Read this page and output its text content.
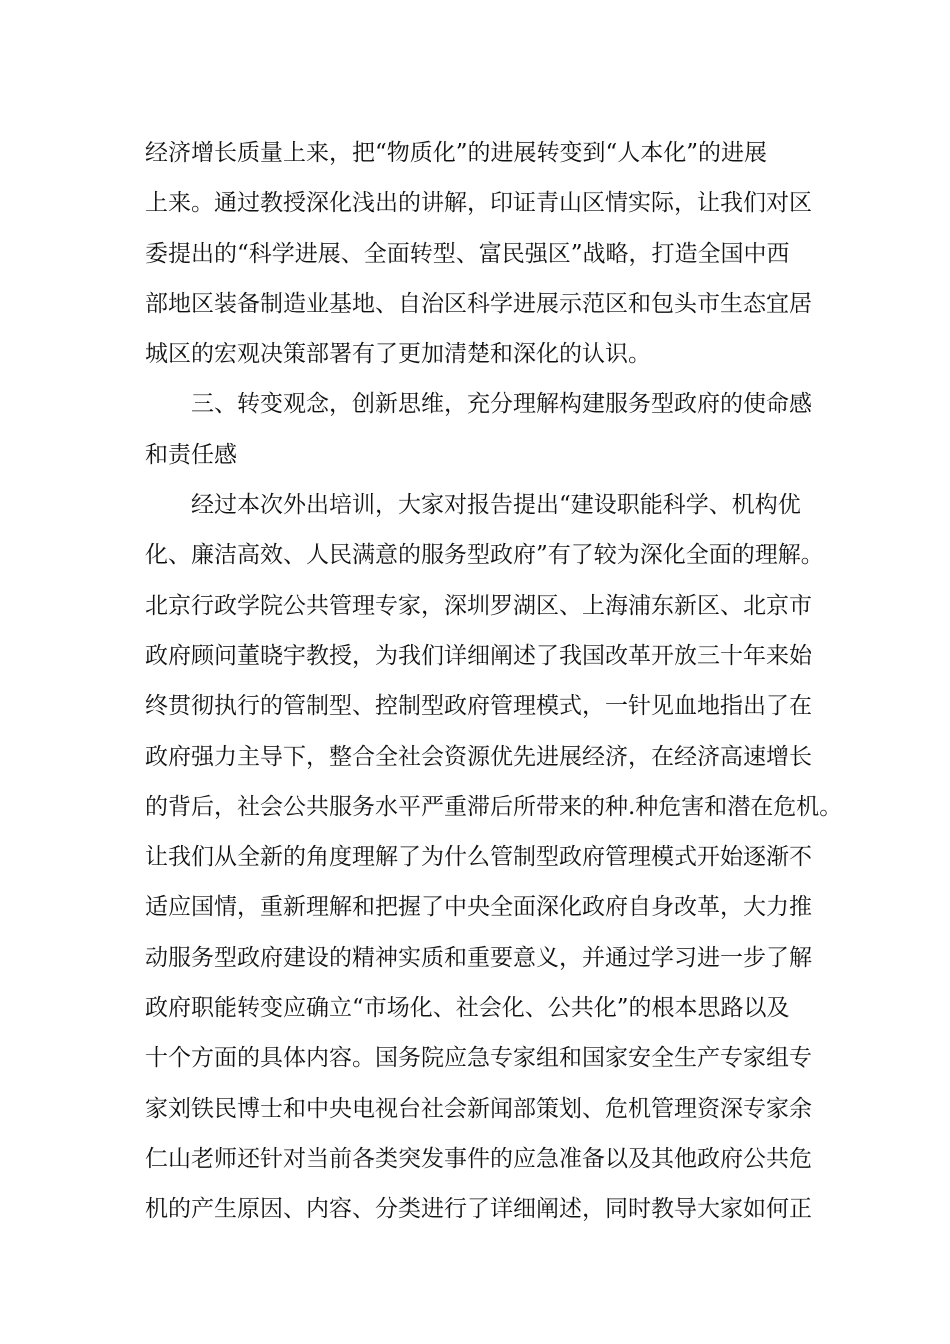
经济增长质量上来，把“物质化”的进展转变到“人本化”的进展
上来。通过教授深化浅出的讲解，印证青山区情实际，让我们对区
委提出的“科学进展、全面转型、富民强区”战略，打造全国中西
部地区装备制造业基地、自治区科学进展示范区和包头市生态宜居
城区的宏观决策部署有了更加清楚和深化的认识。
三、转变观念，创新思维，充分理解构建服务型政府的使命感
和责任感
经过本次外出培训，大家对报告提出“建设职能科学、机构优
化、廉洁高效、人民满意的服务型政府”有了较为深化全面的理解。
北京行政学院公共管理专家，深圳罗湖区、上海浦东新区、北京市
政府顾问董晓宇教授，为我们详细阐述了我国改革开放三十年来始
终贯彻执行的管制型、控制型政府管理模式，一针见血地指出了在
政府强力主导下，整合全社会资源优先进展经济，在经济高速增长
的背后，社会公共服务水平严重滞后所带来的种.种危害和潜在危机。
让我们从全新的角度理解了为什么管制型政府管理模式开始逐渐不
适应国情，重新理解和把握了中央全面深化政府自身改革，大力推
动服务型政府建设的精神实质和重要意义，并通过学习进一步了解
政府职能转变应确立“市场化、社会化、公共化”的根本思路以及
十个方面的具体内容。国务院应急专家组和国家安全生产专家组专
家刘铁民博士和中央电视台社会新闻部策划、危机管理资深专家余
仁山老师还针对当前各类突发事件的应急准备以及其他政府公共危
机的产生原因、内容、分类进行了详细阐述，同时教导大家如何正
